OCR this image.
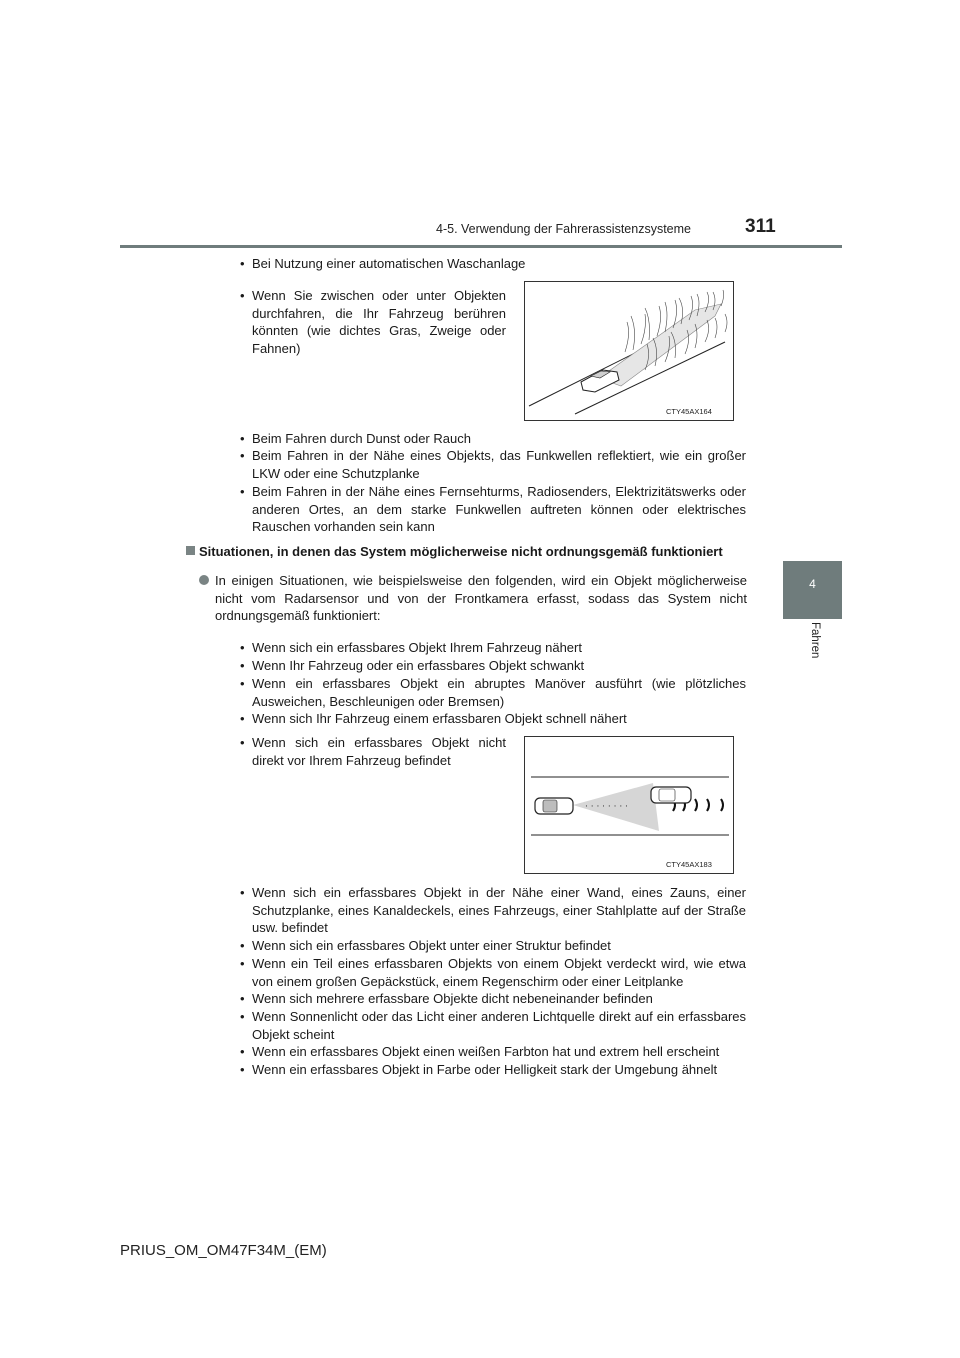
4-5. Verwendung der Fahrerassistenzsysteme	311
4
Fahren
• Bei Nutzung einer automatischen Waschanlage
• Wenn Sie zwischen oder unter Objekten durchfahren, die Ihr Fahrzeug berühren könnten (wie dichtes Gras, Zweige oder Fahnen)
CTY45AX164
• Beim Fahren durch Dunst oder Rauch
• Beim Fahren in der Nähe eines Objekts, das Funkwellen reflektiert, wie ein großer LKW oder eine Schutzplanke
• Beim Fahren in der Nähe eines Fernsehturms, Radiosenders, Elektrizitätswerks oder anderen Ortes, an dem starke Funkwellen auftreten können oder elektrisches Rauschen vorhanden sein kann
Situationen, in denen das System möglicherweise nicht ordnungsgemäß funktioniert
In einigen Situationen, wie beispielsweise den folgenden, wird ein Objekt möglicherweise nicht vom Radarsensor und von der Frontkamera erfasst, sodass das System nicht ordnungsgemäß funktioniert:
• Wenn sich ein erfassbares Objekt Ihrem Fahrzeug nähert
• Wenn Ihr Fahrzeug oder ein erfassbares Objekt schwankt
• Wenn ein erfassbares Objekt ein abruptes Manöver ausführt (wie plötzliches Ausweichen, Beschleunigen oder Bremsen)
• Wenn sich Ihr Fahrzeug einem erfassbaren Objekt schnell nähert
• Wenn sich ein erfassbares Objekt nicht direkt vor Ihrem Fahrzeug befindet
· · · · · · · ·
CTY45AX183
• Wenn sich ein erfassbares Objekt in der Nähe einer Wand, eines Zauns, einer Schutzplanke, eines Kanaldeckels, eines Fahrzeugs, einer Stahlplatte auf der Straße usw. befindet
• Wenn sich ein erfassbares Objekt unter einer Struktur befindet
• Wenn ein Teil eines erfassbaren Objekts von einem Objekt verdeckt wird, wie etwa von einem großen Gepäckstück, einem Regenschirm oder einer Leitplanke
• Wenn sich mehrere erfassbare Objekte dicht nebeneinander befinden
• Wenn Sonnenlicht oder das Licht einer anderen Lichtquelle direkt auf ein erfassbares Objekt scheint
• Wenn ein erfassbares Objekt einen weißen Farbton hat und extrem hell erscheint
• Wenn ein erfassbares Objekt in Farbe oder Helligkeit stark der Umgebung ähnelt
PRIUS_OM_OM47F34M_(EM)
